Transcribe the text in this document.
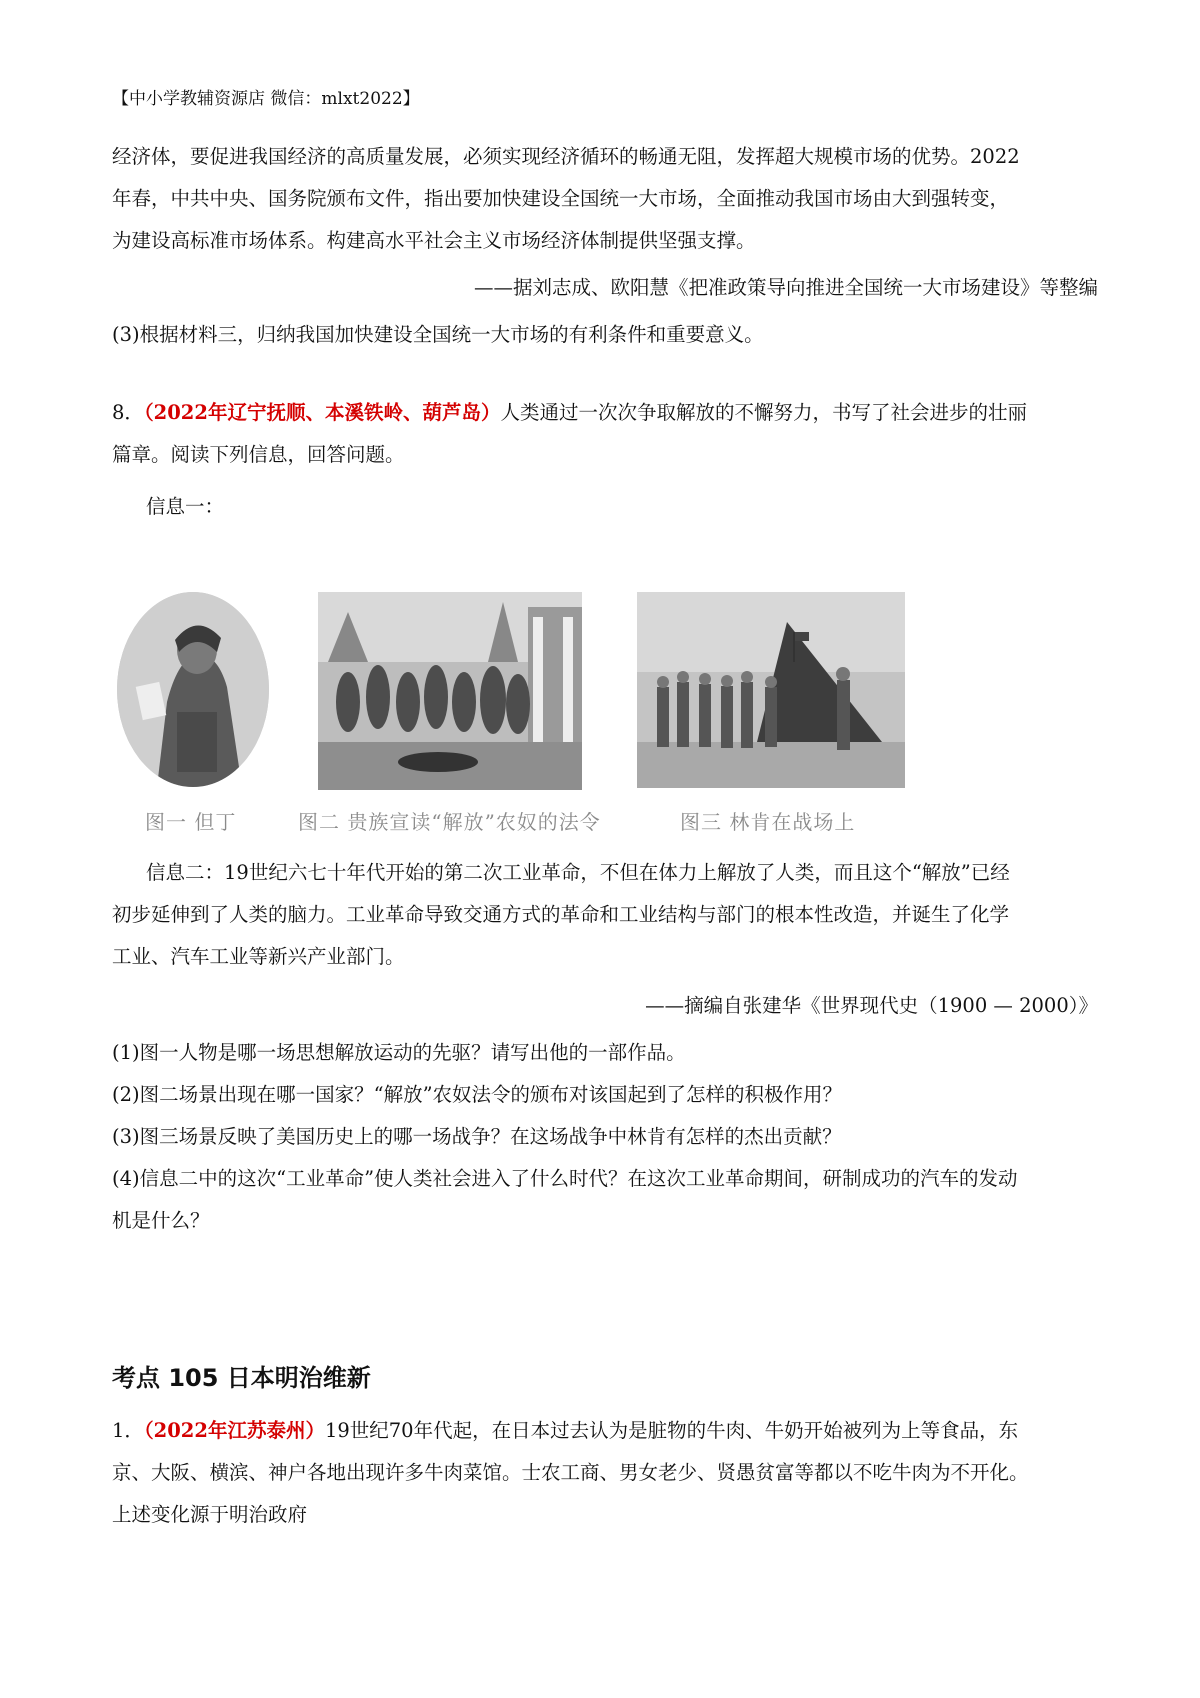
【中小学教辅资源店 微信：mlxt2022】
经济体，要促进我国经济的高质量发展，必须实现经济循环的畅通无阻，发挥超大规模市场的优势。2022
年春，中共中央、国务院颁布文件，指出要加快建设全国统一大市场，全面推动我国市场由大到强转变，
为建设高标准市场体系。构建高水平社会主义市场经济体制提供坚强支撑。
——据刘志成、欧阳慧《把准政策导向推进全国统一大市场建设》等整编
(3)根据材料三，归纳我国加快建设全国统一大市场的有利条件和重要意义。
8．（2022年辽宁抚顺、本溪铁岭、葫芦岛）人类通过一次次争取解放的不懈努力，书写了社会进步的壮丽
篇章。阅读下列信息，回答问题。
信息一：
图一 但丁	图二 贵族宣读“解放”农奴的法令	图三 林肯在战场上
信息二：19世纪六七十年代开始的第二次工业革命，不但在体力上解放了人类，而且这个“解放”已经
初步延伸到了人类的脑力。工业革命导致交通方式的革命和工业结构与部门的根本性改造，并诞生了化学
工业、汽车工业等新兴产业部门。
——摘编自张建华《世界现代史（1900 — 2000）》
(1)图一人物是哪一场思想解放运动的先驱？请写出他的一部作品。
(2)图二场景出现在哪一国家？“解放”农奴法令的颁布对该国起到了怎样的积极作用？
(3)图三场景反映了美国历史上的哪一场战争？在这场战争中林肯有怎样的杰出贡献？
(4)信息二中的这次“工业革命”使人类社会进入了什么时代？在这次工业革命期间，研制成功的汽车的发动
机是什么？
考点 105 日本明治维新
1．（2022年江苏泰州）19世纪70年代起，在日本过去认为是脏物的牛肉、牛奶开始被列为上等食品，东
京、大阪、横滨、神户各地出现许多牛肉菜馆。士农工商、男女老少、贤愚贫富等都以不吃牛肉为不开化。
上述变化源于明治政府
